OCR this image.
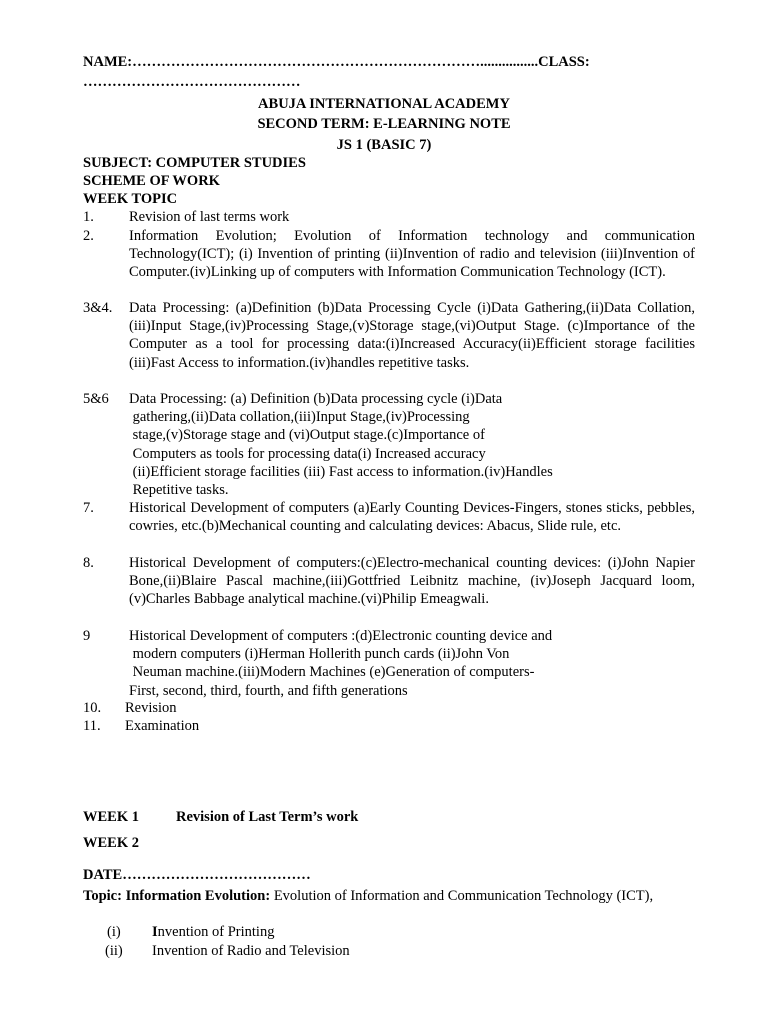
NAME:………………………………………………………………................CLASS:
………………………………………
ABUJA INTERNATIONAL ACADEMY
SECOND TERM: E-LEARNING NOTE
JS 1 (BASIC 7)
SUBJECT: COMPUTER STUDIES
SCHEME OF WORK
WEEK TOPIC
1. Revision of last terms work
2. Information Evolution; Evolution of Information technology and communication Technology(ICT); (i) Invention of printing (ii)Invention of radio and television (iii)Invention of Computer.(iv)Linking up of computers with Information Communication Technology (ICT).
3&4. Data Processing: (a)Definition (b)Data Processing Cycle (i)Data Gathering,(ii)Data Collation,(iii)Input Stage,(iv)Processing Stage,(v)Storage stage,(vi)Output Stage. (c)Importance of the Computer as a tool for processing data:(i)Increased Accuracy(ii)Efficient storage facilities (iii)Fast Access to information.(iv)handles repetitive tasks.
5&6 Data Processing: (a) Definition (b)Data processing cycle (i)Data
gathering,(ii)Data collation,(iii)Input Stage,(iv)Processing
stage,(v)Storage stage and (vi)Output stage.(c)Importance of
Computers as tools for processing data(i) Increased accuracy
(ii)Efficient storage facilities (iii) Fast access to information.(iv)Handles
Repetitive tasks.
7. Historical Development of computers (a)Early Counting Devices-Fingers, stones sticks, pebbles, cowries, etc.(b)Mechanical counting and calculating devices: Abacus, Slide rule, etc.
8. Historical Development of computers:(c)Electro-mechanical counting devices: (i)John Napier Bone,(ii)Blaire Pascal machine,(iii)Gottfried Leibnitz machine, (iv)Joseph Jacquard loom,(v)Charles Babbage analytical machine.(vi)Philip Emeagwali.
9	Historical Development of computers :(d)Electronic counting device and
modern computers (i)Herman Hollerith punch cards (ii)John Von
Neuman machine.(iii)Modern Machines (e)Generation of computers-
First, second, third, fourth, and fifth generations
10. Revision
11. Examination
WEEK 1	Revision of Last Term’s work
WEEK 2
DATE…………………………………
Topic: Information Evolution: Evolution of Information and Communication Technology (ICT),
(i) Invention of Printing
(ii) Invention of Radio and Television
